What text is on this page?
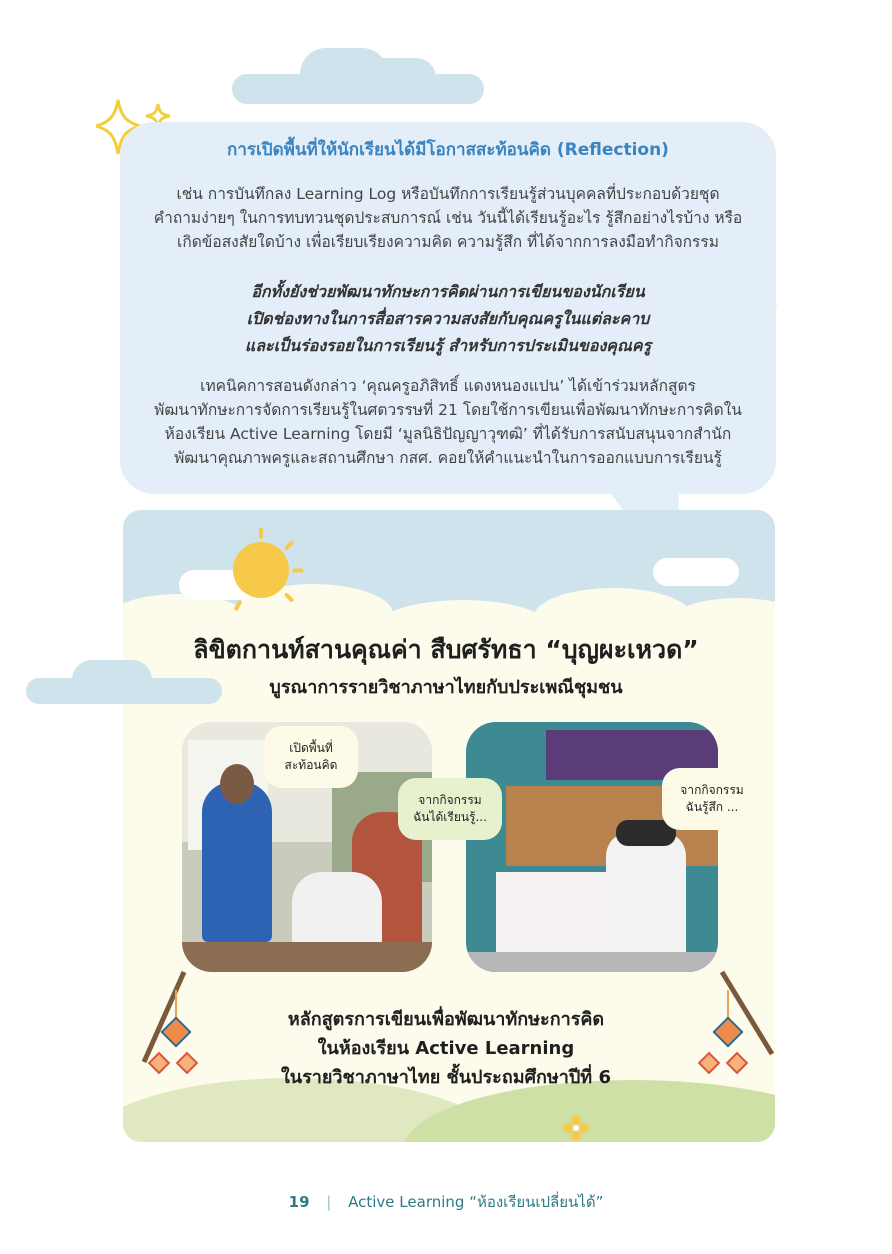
การเปิดพื้นที่ให้นักเรียนได้มีโอกาสสะท้อนคิด (Reflection)
เช่น การบันทึกลง Learning Log หรือบันทึกการเรียนรู้ส่วนบุคคลที่ประกอบด้วยชุด
คำถามง่ายๆ ในการทบทวนชุดประสบการณ์ เช่น วันนี้ได้เรียนรู้อะไร รู้สึกอย่างไรบ้าง หรือ
เกิดข้อสงสัยใดบ้าง เพื่อเรียบเรียงความคิด ความรู้สึก ที่ได้จากการลงมือทำกิจกรรม
อีกทั้งยังช่วยพัฒนาทักษะการคิดผ่านการเขียนของนักเรียน
เปิดช่องทางในการสื่อสารความสงสัยกับคุณครูในแต่ละคาบ
และเป็นร่องรอยในการเรียนรู้ สำหรับการประเมินของคุณครู
เทคนิคการสอนดังกล่าว ‘คุณครูอภิสิทธิ์ แดงหนองแปน’ ได้เข้าร่วมหลักสูตร
พัฒนาทักษะการจัดการเรียนรู้ในศตวรรษที่ 21 โดยใช้การเขียนเพื่อพัฒนาทักษะการคิดใน
ห้องเรียน Active Learning โดยมี ‘มูลนิธิปัญญาวุฑฒิ’ ที่ได้รับการสนับสนุนจากสำนัก
พัฒนาคุณภาพครูและสถานศึกษา กสศ. คอยให้คำแนะนำในการออกแบบการเรียนรู้
ลิขิตกานท์สานคุณค่า สืบศรัทธา “บุญผะเหวด”
บูรณาการรายวิชาภาษาไทยกับประเพณีชุมชน
เปิดพื้นที่
สะท้อนคิด
จากกิจกรรม
ฉันได้เรียนรู้...
จากกิจกรรม
ฉันรู้สึก ...
หลักสูตรการเขียนเพื่อพัฒนาทักษะการคิด
ในห้องเรียน Active Learning
ในรายวิชาภาษาไทย ชั้นประถมศึกษาปีที่ 6
19 | Active Learning “ห้องเรียนเปลี่ยนได้”
